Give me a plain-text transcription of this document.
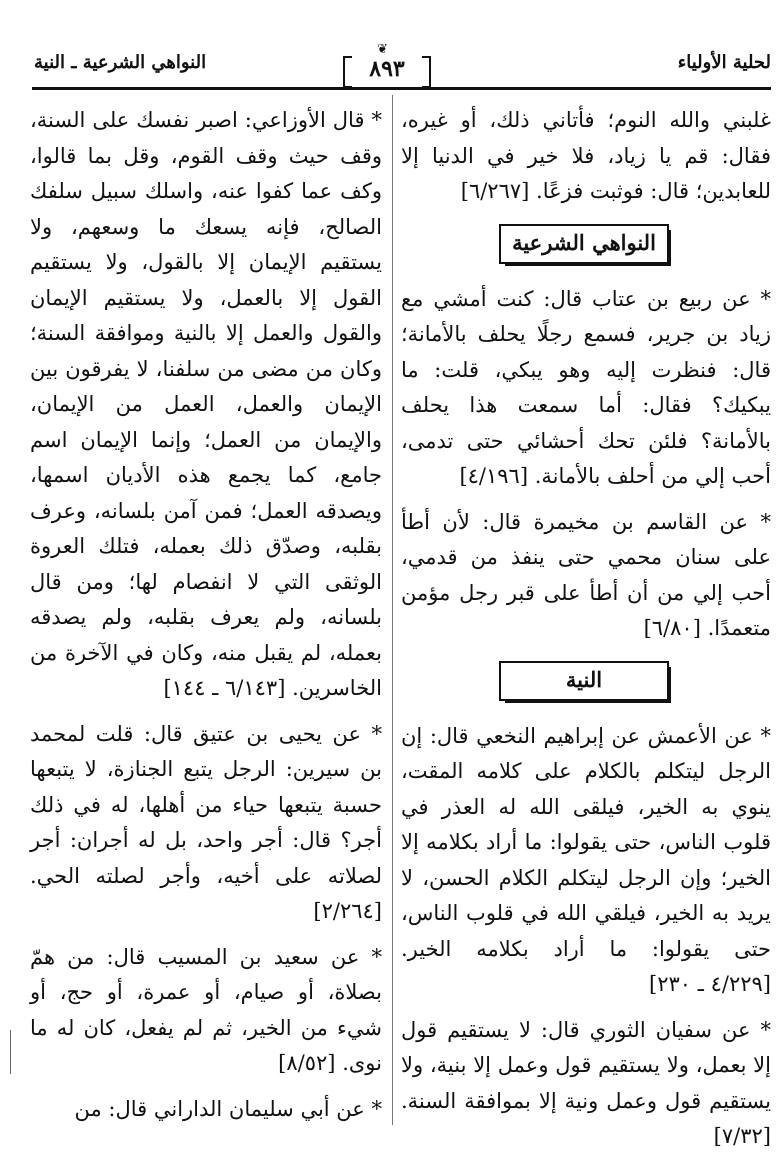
لحلية الأولياء
النواهي الشرعية ـ النية
❦
٨٩٣

غلبني والله النوم؛ فأتاني ذلك، أو غيره، فقال: قم يا زياد، فلا خير في الدنيا إلا للعابدين؛ قال: فوثبت فزعًا. [٦/٢٦٧]

النواهي الشرعية

* عن ربيع بن عتاب قال: كنت أمشي مع زياد بن جرير، فسمع رجلًا يحلف بالأمانة؛ قال: فنظرت إليه وهو يبكي، قلت: ما يبكيك؟ فقال: أما سمعت هذا يحلف بالأمانة؟ فلئن تحك أحشائي حتى تدمى، أحب إلي من أحلف بالأمانة. [٤/١٩٦]

* عن القاسم بن مخيمرة قال: لأن أطأ على سنان محمي حتى ينفذ من قدمي، أحب إلي من أن أطأ على قبر رجل مؤمن متعمدًا. [٦/٨٠]

النية

* عن الأعمش عن إبراهيم النخعي قال: إن الرجل ليتكلم بالكلام على كلامه المقت، ينوي به الخير، فيلقى الله له العذر في قلوب الناس، حتى يقولوا: ما أراد بكلامه إلا الخير؛ وإن الرجل ليتكلم الكلام الحسن، لا يريد به الخير، فيلقي الله في قلوب الناس، حتى يقولوا: ما أراد بكلامه الخير. [٤/٢٢٩ ـ ٢٣٠]

* عن سفيان الثوري قال: لا يستقيم قول إلا بعمل، ولا يستقيم قول وعمل إلا بنية، ولا يستقيم قول وعمل ونية إلا بموافقة السنة. [٧/٣٢]

* قال الأوزاعي: اصبر نفسك على السنة، وقف حيث وقف القوم، وقل بما قالوا، وكف عما كفوا عنه، واسلك سبيل سلفك الصالح، فإنه يسعك ما وسعهم، ولا يستقيم الإيمان إلا بالقول، ولا يستقيم القول إلا بالعمل، ولا يستقيم الإيمان والقول والعمل إلا بالنية وموافقة السنة؛ وكان من مضى من سلفنا، لا يفرقون بين الإيمان والعمل، العمل من الإيمان، والإيمان من العمل؛ وإنما الإيمان اسم جامع، كما يجمع هذه الأديان اسمها، ويصدقه العمل؛ فمن آمن بلسانه، وعرف بقلبه، وصدّق ذلك بعمله، فتلك العروة الوثقى التي لا انفصام لها؛ ومن قال بلسانه، ولم يعرف بقلبه، ولم يصدقه بعمله، لم يقبل منه، وكان في الآخرة من الخاسرين. [٦/١٤٣ ـ ١٤٤]

* عن يحيى بن عتيق قال: قلت لمحمد بن سيرين: الرجل يتبع الجنازة، لا يتبعها حسبة يتبعها حياء من أهلها، له في ذلك أجر؟ قال: أجر واحد، بل له أجران: أجر لصلاته على أخيه، وأجر لصلته الحي. [٢/٢٦٤]

* عن سعيد بن المسيب قال: من همّ بصلاة، أو صيام، أو عمرة، أو حج، أو شيء من الخير، ثم لم يفعل، كان له ما نوى. [٨/٥٢]

* عن أبي سليمان الداراني قال: من
